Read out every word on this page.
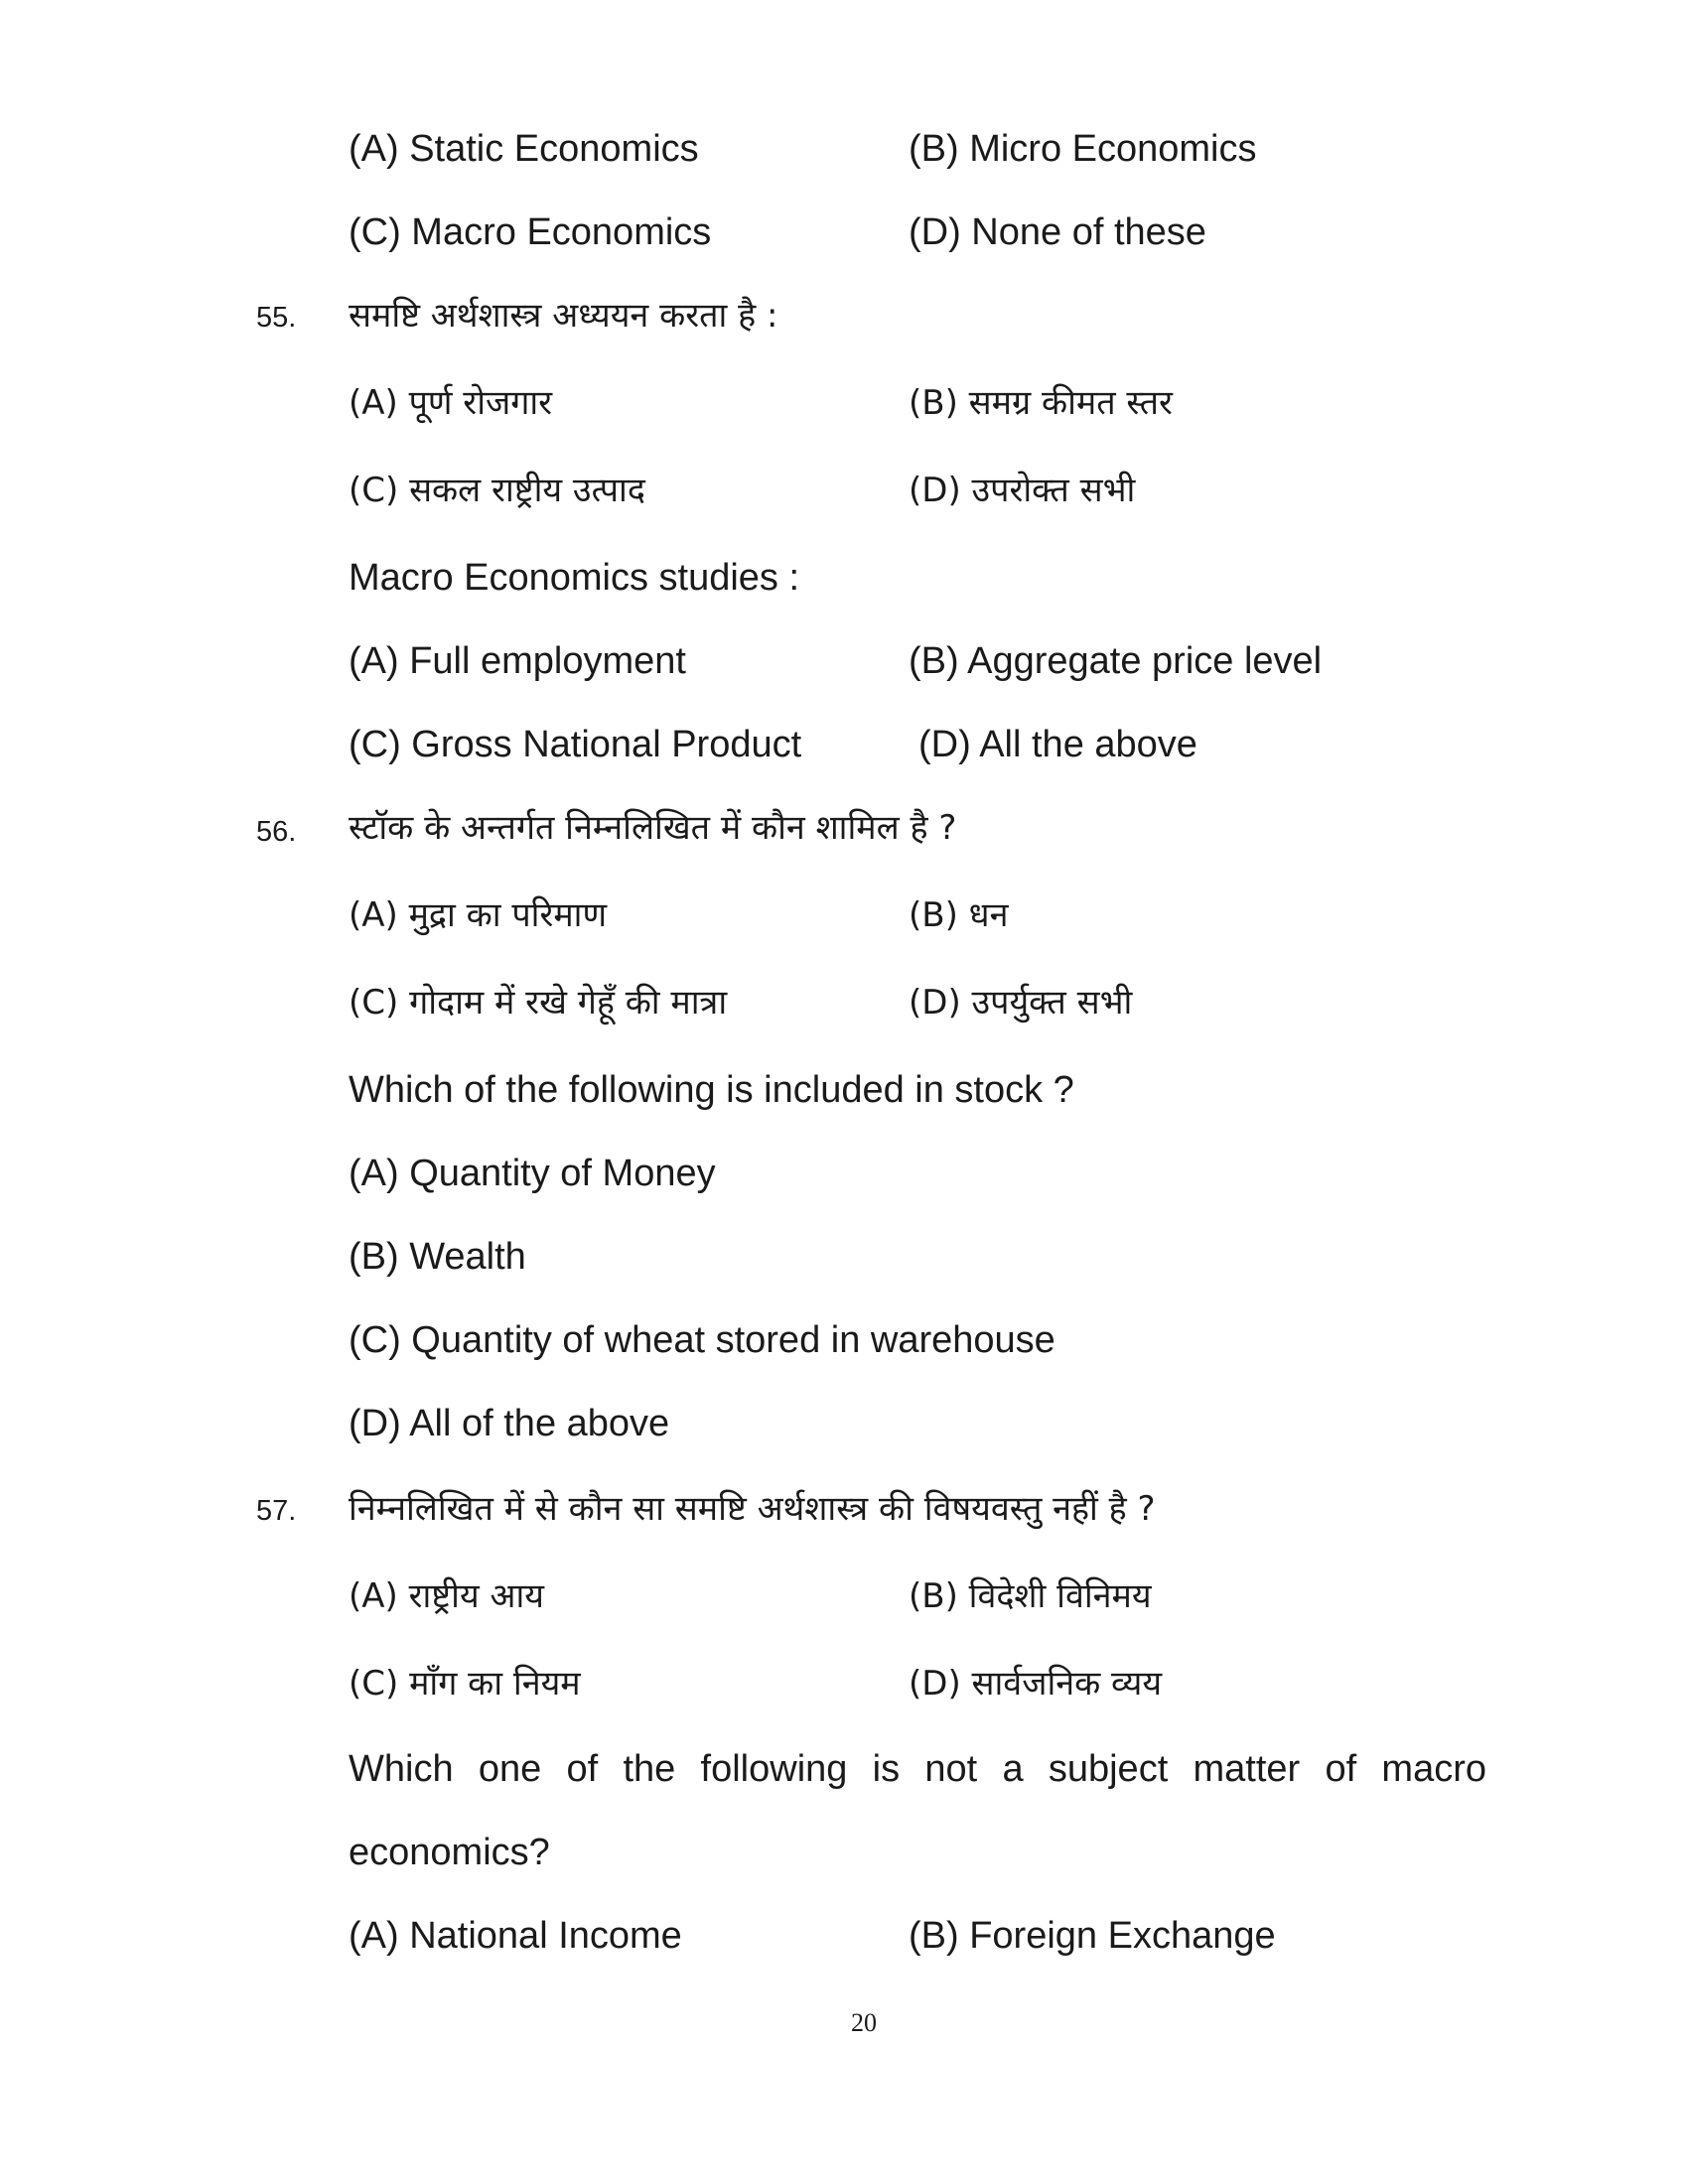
(A) Static Economics	(B) Micro Economics
(C) Macro Economics	(D) None of these
55. समष्टि अर्थशास्त्र अध्ययन करता है :
(A) पूर्ण रोजगार	(B) समग्र कीमत स्तर
(C) सकल राष्ट्रीय उत्पाद	(D) उपरोक्त सभी
Macro Economics studies :
(A) Full employment	(B) Aggregate price level
(C) Gross National Product	(D) All the above
56. स्टॉक के अन्तर्गत निम्नलिखित में कौन शामिल है ?
(A) मुद्रा का परिमाण	(B) धन
(C) गोदाम में रखे गेहूँ की मात्रा	(D) उपर्युक्त सभी
Which of the following is included in stock ?
(A) Quantity of Money
(B) Wealth
(C) Quantity of wheat stored in warehouse
(D) All of the above
57. निम्नलिखित में से कौन सा समष्टि अर्थशास्त्र की विषयवस्तु नहीं है ?
(A) राष्ट्रीय आय	(B) विदेशी विनिमय
(C) माँग का नियम	(D) सार्वजनिक व्यय
Which one of the following is not a subject matter of macro
economics?
(A) National Income	(B) Foreign Exchange
20
